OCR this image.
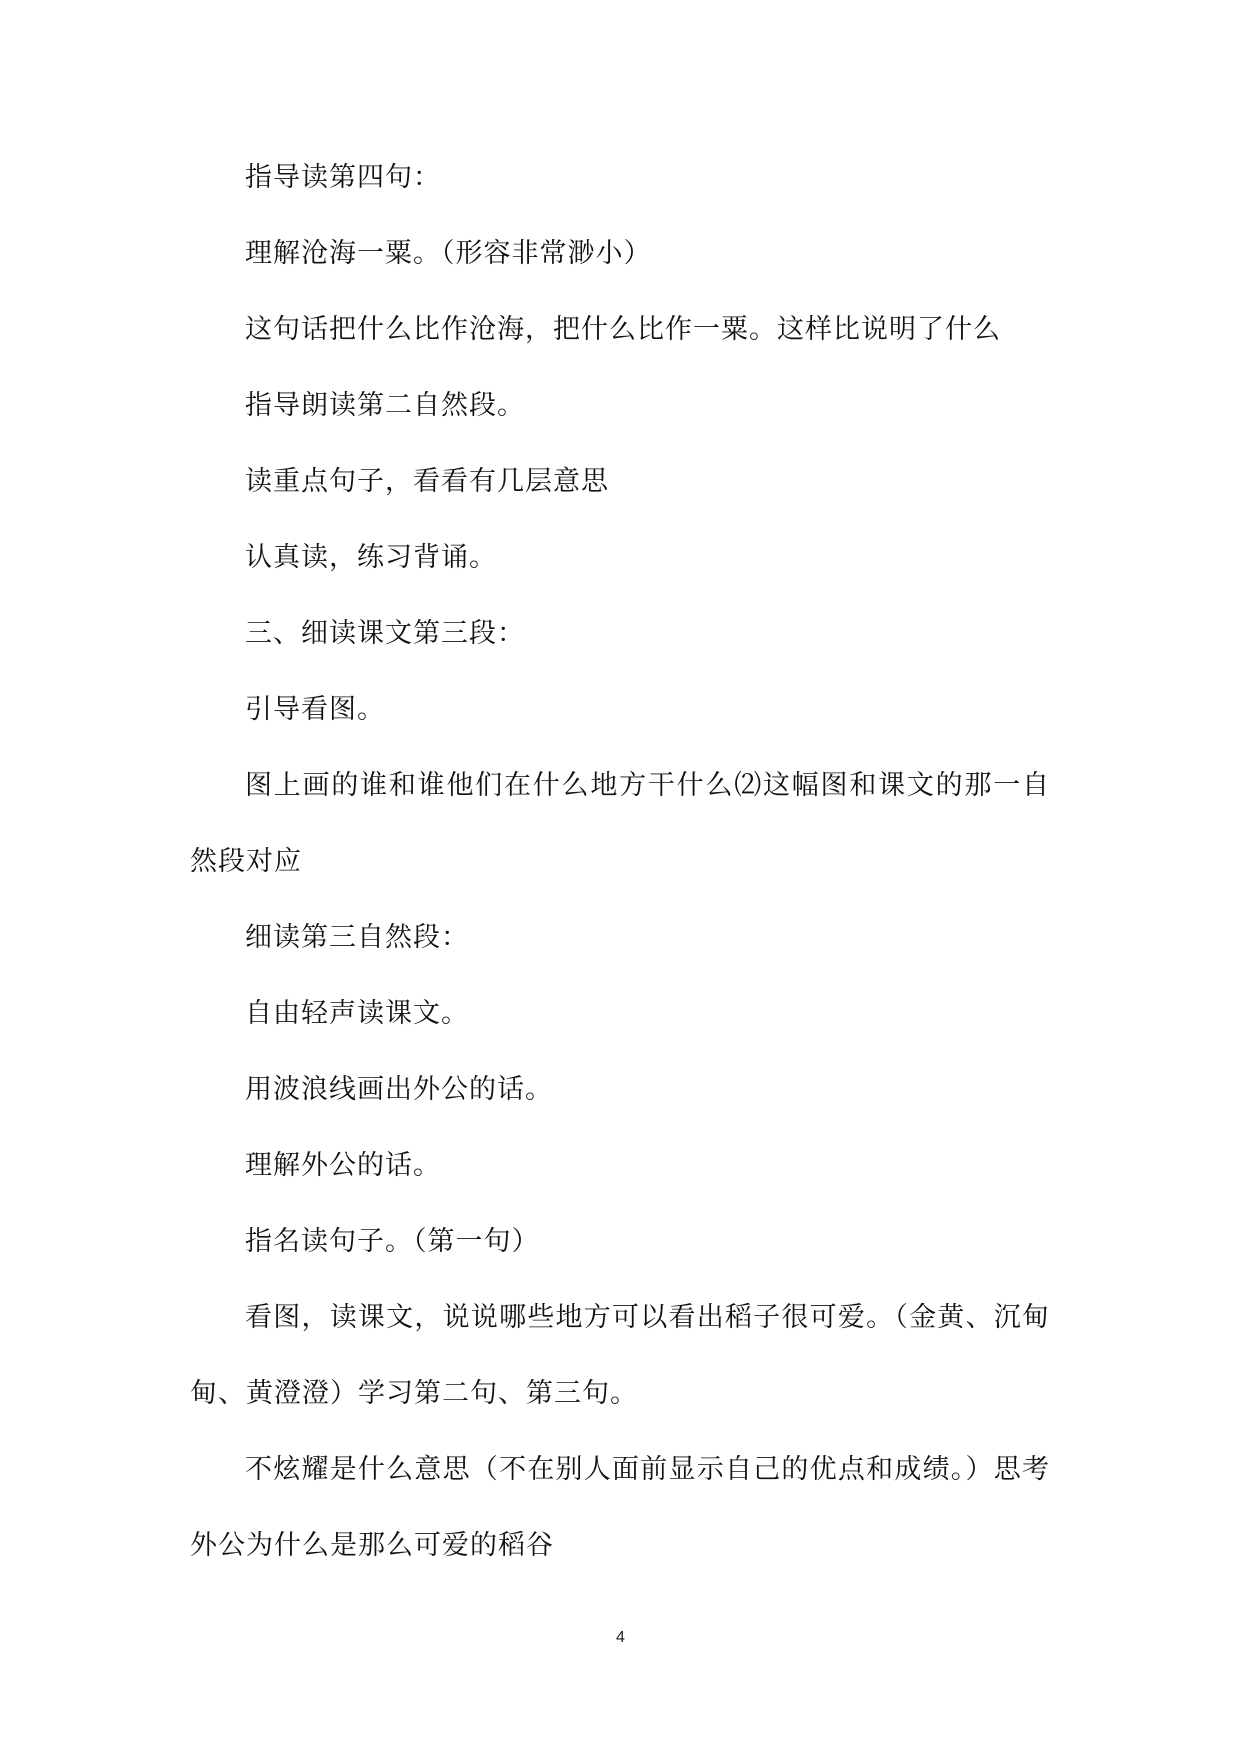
指导读第四句：

理解沧海一粟。（形容非常渺小）

这句话把什么比作沧海，把什么比作一粟。这样比说明了什么

指导朗读第二自然段。

读重点句子，看看有几层意思

认真读，练习背诵。

三、细读课文第三段：

引导看图。

图上画的谁和谁他们在什么地方干什么⑵这幅图和课文的那一自然段对应

细读第三自然段：

自由轻声读课文。

用波浪线画出外公的话。

理解外公的话。

指名读句子。（第一句）

看图，读课文，说说哪些地方可以看出稻子很可爱。（金黄、沉甸甸、黄澄澄）学习第二句、第三句。

不炫耀是什么意思（不在别人面前显示自己的优点和成绩。）思考外公为什么是那么可爱的稻谷

4
